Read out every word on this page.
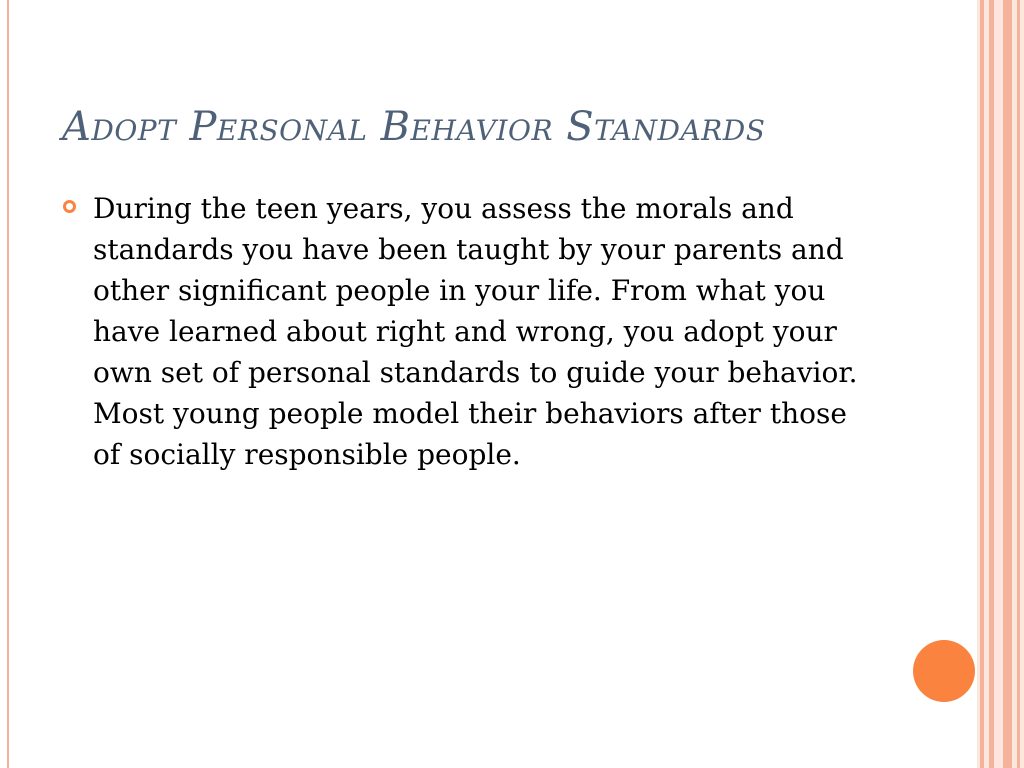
Adopt Personal Behavior Standards

During the teen years, you assess the morals and standards you have been taught by your parents and other significant people in your life. From what you have learned about right and wrong, you adopt your own set of personal standards to guide your behavior. Most young people model their behaviors after those of socially responsible people.
